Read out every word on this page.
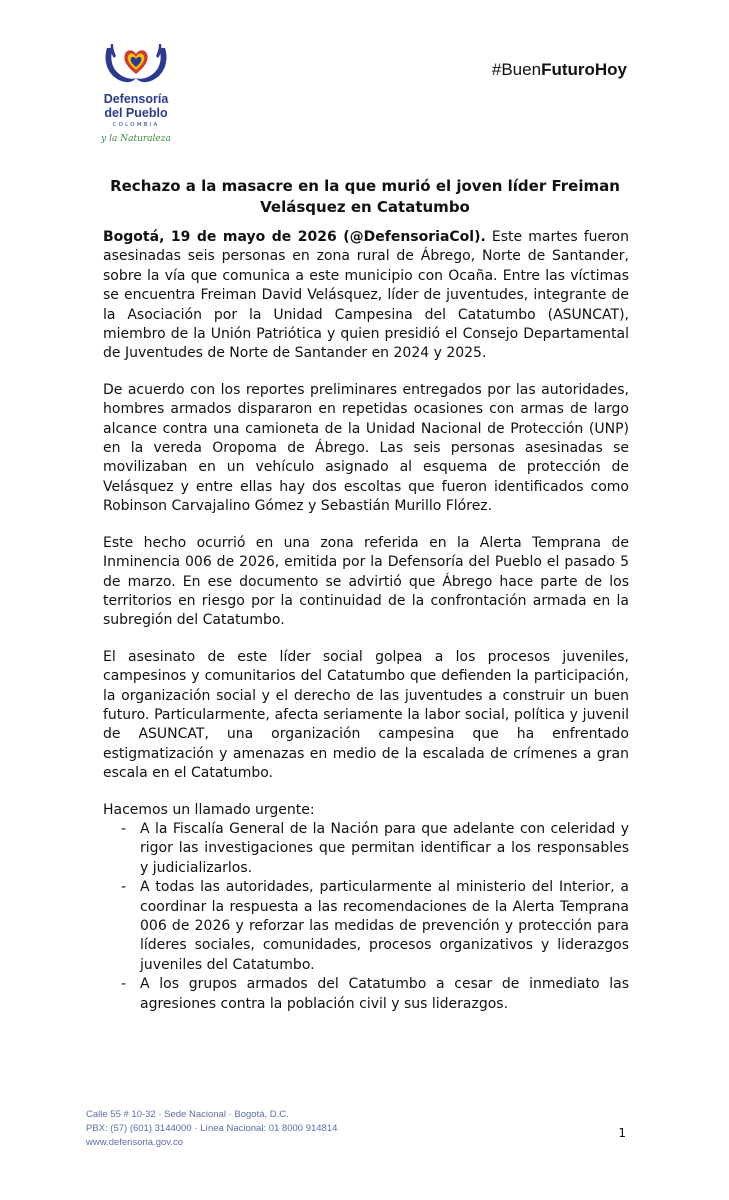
Defensoría
del Pueblo
COLOMBIA
y la Naturaleza
#BuenFuturoHoy
Rechazo a la masacre en la que murió el joven líder Freiman
Velásquez en Catatumbo

Bogotá, 19 de mayo de 2026 (@DefensoriaCol). Este martes fueron asesinadas seis personas en zona rural de Ábrego, Norte de Santander, sobre la vía que comunica a este municipio con Ocaña. Entre las víctimas se encuentra Freiman David Velásquez, líder de juventudes, integrante de la Asociación por la Unidad Campesina del Catatumbo (ASUNCAT), miembro de la Unión Patriótica y quien presidió el Consejo Departamental de Juventudes de Norte de Santander en 2024 y 2025.

De acuerdo con los reportes preliminares entregados por las autoridades, hombres armados dispararon en repetidas ocasiones con armas de largo alcance contra una camioneta de la Unidad Nacional de Protección (UNP) en la vereda Oropoma de Ábrego. Las seis personas asesinadas se movilizaban en un vehículo asignado al esquema de protección de Velásquez y entre ellas hay dos escoltas que fueron identificados como Robinson Carvajalino Gómez y Sebastián Murillo Flórez.

Este hecho ocurrió en una zona referida en la Alerta Temprana de Inminencia 006 de 2026, emitida por la Defensoría del Pueblo el pasado 5 de marzo. En ese documento se advirtió que Ábrego hace parte de los territorios en riesgo por la continuidad de la confrontación armada en la subregión del Catatumbo.

El asesinato de este líder social golpea a los procesos juveniles, campesinos y comunitarios del Catatumbo que defienden la participación, la organización social y el derecho de las juventudes a construir un buen futuro. Particularmente, afecta seriamente la labor social, política y juvenil de ASUNCAT, una organización campesina que ha enfrentado estigmatización y amenazas en medio de la escalada de crímenes a gran escala en el Catatumbo.

Hacemos un llamado urgente:

- A la Fiscalía General de la Nación para que adelante con celeridad y rigor las investigaciones que permitan identificar a los responsables y judicializarlos.
- A todas las autoridades, particularmente al ministerio del Interior, a coordinar la respuesta a las recomendaciones de la Alerta Temprana 006 de 2026 y reforzar las medidas de prevención y protección para líderes sociales, comunidades, procesos organizativos y liderazgos juveniles del Catatumbo.
- A los grupos armados del Catatumbo a cesar de inmediato las agresiones contra la población civil y sus liderazgos.
Calle 55 # 10-32 · Sede Nacional · Bogotá, D.C.
PBX: (57) (601) 3144000 · Línea Nacional: 01 8000 914814
www.defensoria.gov.co
1
